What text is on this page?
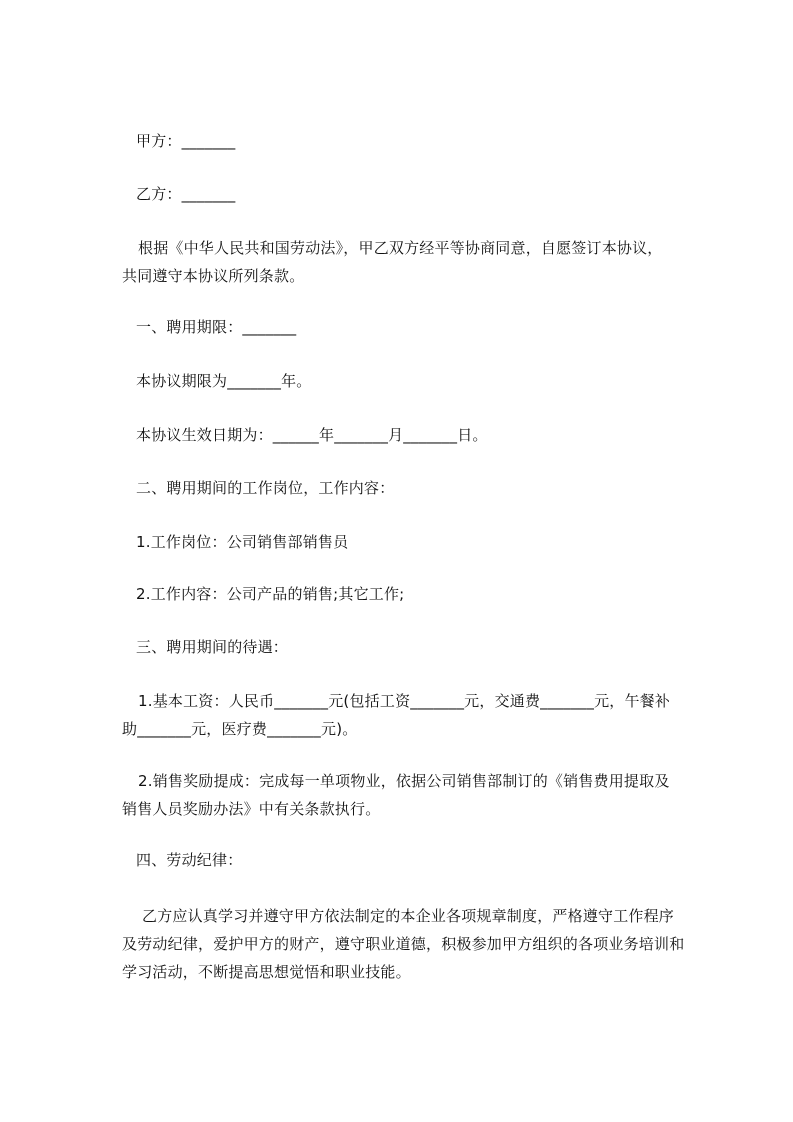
甲方：_______
乙方：_______
根据《中华人民共和国劳动法》，甲乙双方经平等协商同意，自愿签订本协议，
共同遵守本协议所列条款。
一、聘用期限：_______
本协议期限为_______年。
本协议生效日期为：______年_______月_______日。
二、聘用期间的工作岗位，工作内容：
1.工作岗位：公司销售部销售员
2.工作内容：公司产品的销售;其它工作;
三、聘用期间的待遇：
1.基本工资：人民币_______元(包括工资_______元，交通费_______元，午餐补
助_______元，医疗费_______元)。
2.销售奖励提成：完成每一单项物业，依据公司销售部制订的《销售费用提取及
销售人员奖励办法》中有关条款执行。
四、劳动纪律：
乙方应认真学习并遵守甲方依法制定的本企业各项规章制度，严格遵守工作程序
及劳动纪律，爱护甲方的财产，遵守职业道德，积极参加甲方组织的各项业务培训和
学习活动，不断提高思想觉悟和职业技能。
